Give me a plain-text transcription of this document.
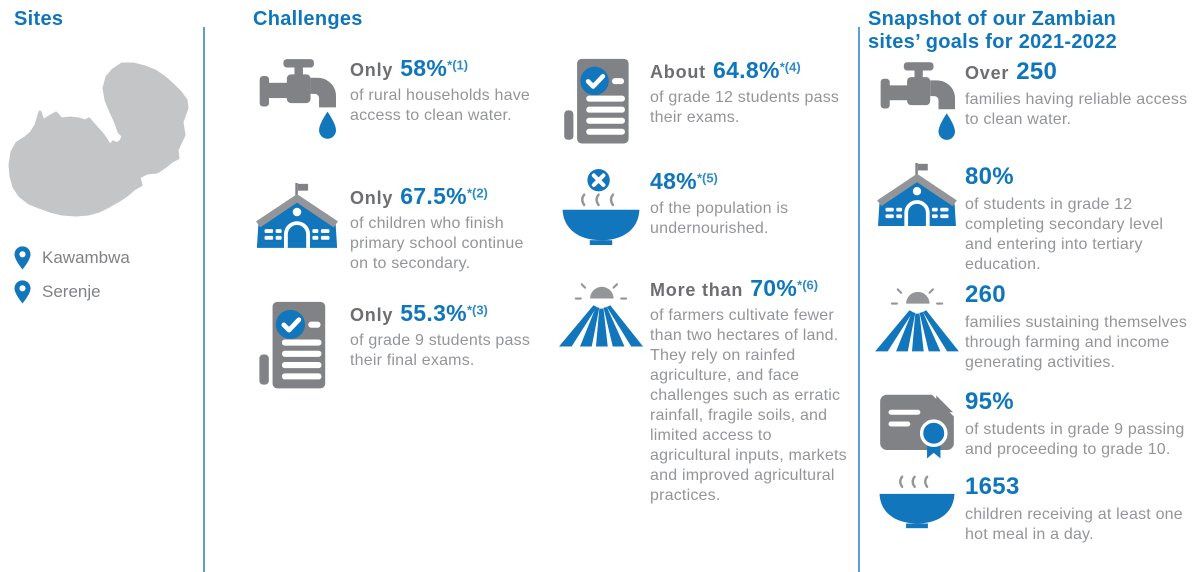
Sites
Kawambwa
Serenje
Challenges
Only 58%$^{*(1)}$
of rural households have access to clean water.
Only 67.5%$^{*(2)}$
of children who finish primary school continue on to secondary.
Only 55.3%$^{*(3)}$
of grade 9 students pass their final exams.
About 64.8%$^{*(4)}$
of grade 12 students pass their exams.
48%$^{*(5)}$
of the population is undernourished.
More than 70%$^{*(6)}$
of farmers cultivate fewer than two hectares of land. They rely on rainfed agriculture, and face challenges such as erratic rainfall, fragile soils, and limited access to agricultural inputs, markets and improved agricultural practices.
Snapshot of our Zambian
sites’ goals for 2021-2022
Over 250
families having reliable access to clean water.
80%
of students in grade 12 completing secondary level and entering into tertiary education.
260
families sustaining themselves through farming and income generating activities.
95%
of students in grade 9 passing and proceeding to grade 10.
1653
children receiving at least one hot meal in a day.
